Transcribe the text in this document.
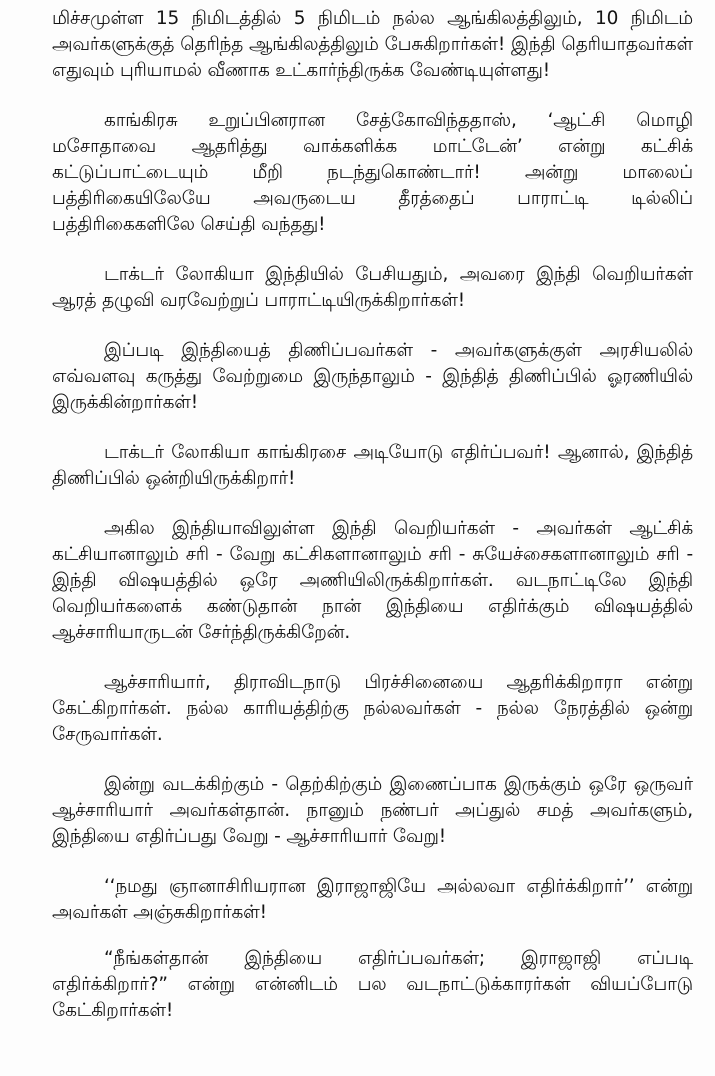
மிச்சமுள்ள 15 நிமிடத்தில் 5 நிமிடம் நல்ல ஆங்கிலத்திலும், 10 நிமிடம் அவர்களுக்குத் தெரிந்த ஆங்கிலத்திலும் பேசுகிறார்கள்! இந்தி தெரியாதவர்கள் எதுவும் புரியாமல் வீணாக உட்கார்ந்திருக்க வேண்டியுள்ளது!

காங்கிரசு உறுப்பினரான சேத்கோவிந்ததாஸ், ‘ஆட்சி மொழி மசோதாவை ஆதரித்து வாக்களிக்க மாட்டேன்’ என்று கட்சிக் கட்டுப்பாட்டையும் மீறி நடந்துகொண்டார்! அன்று மாலைப் பத்திரிகையிலேயே அவருடைய தீரத்தைப் பாராட்டி டில்லிப் பத்திரிகைகளிலே செய்தி வந்தது!

டாக்டர் லோகியா இந்தியில் பேசியதும், அவரை இந்தி வெறியர்கள் ஆரத் தழுவி வரவேற்றுப் பாராட்டியிருக்கிறார்கள்!

இப்படி இந்தியைத் திணிப்பவர்கள் - அவர்களுக்குள் அரசியலில் எவ்வளவு கருத்து வேற்றுமை இருந்தாலும் - இந்தித் திணிப்பில் ஓரணியில் இருக்கின்றார்கள்!

டாக்டர் லோகியா காங்கிரசை அடியோடு எதிர்ப்பவர்! ஆனால், இந்தித் திணிப்பில் ஒன்றியிருக்கிறார்!

அகில இந்தியாவிலுள்ள இந்தி வெறியர்கள் - அவர்கள் ஆட்சிக் கட்சியானாலும் சரி - வேறு கட்சிகளானாலும் சரி - சுயேச்சைகளானாலும் சரி - இந்தி விஷயத்தில் ஒரே அணியிலிருக்கிறார்கள். வடநாட்டிலே இந்தி வெறியர்களைக் கண்டுதான் நான் இந்தியை எதிர்க்கும் விஷயத்தில் ஆச்சாரியாருடன் சேர்ந்திருக்கிறேன்.

ஆச்சாரியார், திராவிடநாடு பிரச்சினையை ஆதரிக்கிறாரா என்று கேட்கிறார்கள். நல்ல காரியத்திற்கு நல்லவர்கள் - நல்ல நேரத்தில் ஒன்று சேருவார்கள்.

இன்று வடக்கிற்கும் - தெற்கிற்கும் இணைப்பாக இருக்கும் ஒரே ஒருவர் ஆச்சாரியார் அவர்கள்தான். நானும் நண்பர் அப்துல் சமத் அவர்களும், இந்தியை எதிர்ப்பது வேறு - ஆச்சாரியார் வேறு!

‘‘நமது ஞானாசிரியரான இராஜாஜியே அல்லவா எதிர்க்கிறார்’’ என்று அவர்கள் அஞ்சுகிறார்கள்!

“நீங்கள்தான் இந்தியை எதிர்ப்பவர்கள்; இராஜாஜி எப்படி எதிர்க்கிறார்?” என்று என்னிடம் பல வடநாட்டுக்காரர்கள் வியப்போடு கேட்கிறார்கள்!
